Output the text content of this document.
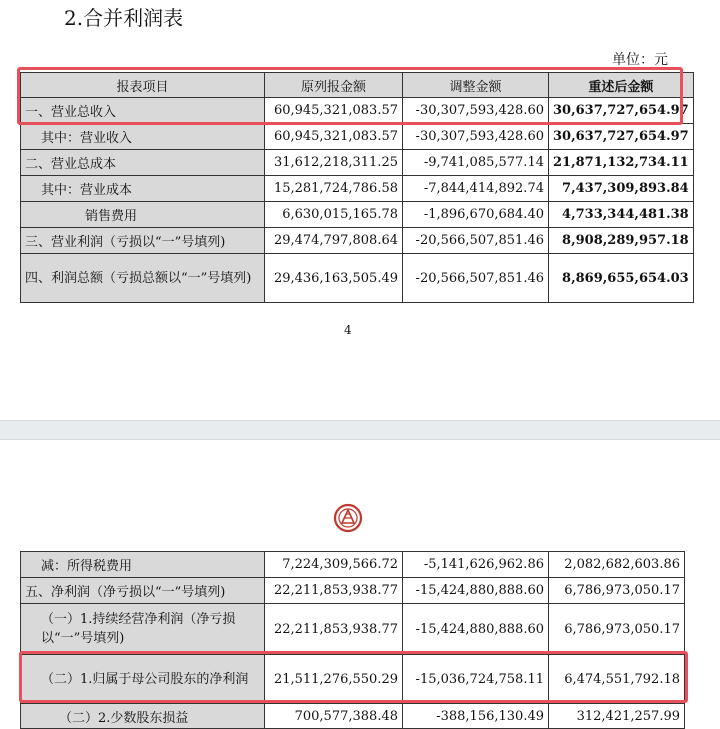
2.合并利润表
单位：元
报表项目	原列报金额	调整金额	重述后金额
一、营业总收入	60,945,321,083.57	-30,307,593,428.60	30,637,727,654.97
其中：营业收入	60,945,321,083.57	-30,307,593,428.60	30,637,727,654.97
二、营业总成本	31,612,218,311.25	-9,741,085,577.14	21,871,132,734.11
其中：营业成本	15,281,724,786.58	-7,844,414,892.74	7,437,309,893.84
销售费用	6,630,015,165.78	-1,896,670,684.40	4,733,344,481.38
三、营业利润（亏损以“一”号填列)	29,474,797,808.64	-20,566,507,851.46	8,908,289,957.18
四、利润总额（亏损总额以“一”号填列)	29,436,163,505.49	-20,566,507,851.46	8,869,655,654.03
4
减：所得税费用	7,224,309,566.72	-5,141,626,962.86	2,082,682,603.86
五、净利润（净亏损以“一”号填列)	22,211,853,938.77	-15,424,880,888.60	6,786,973,050.17
（一）1.持续经营净利润（净亏损以“一”号填列)	22,211,853,938.77	-15,424,880,888.60	6,786,973,050.17
（二）1.归属于母公司股东的净利润	21,511,276,550.29	-15,036,724,758.11	6,474,551,792.18
（二）2.少数股东损益	700,577,388.48	-388,156,130.49	312,421,257.99
